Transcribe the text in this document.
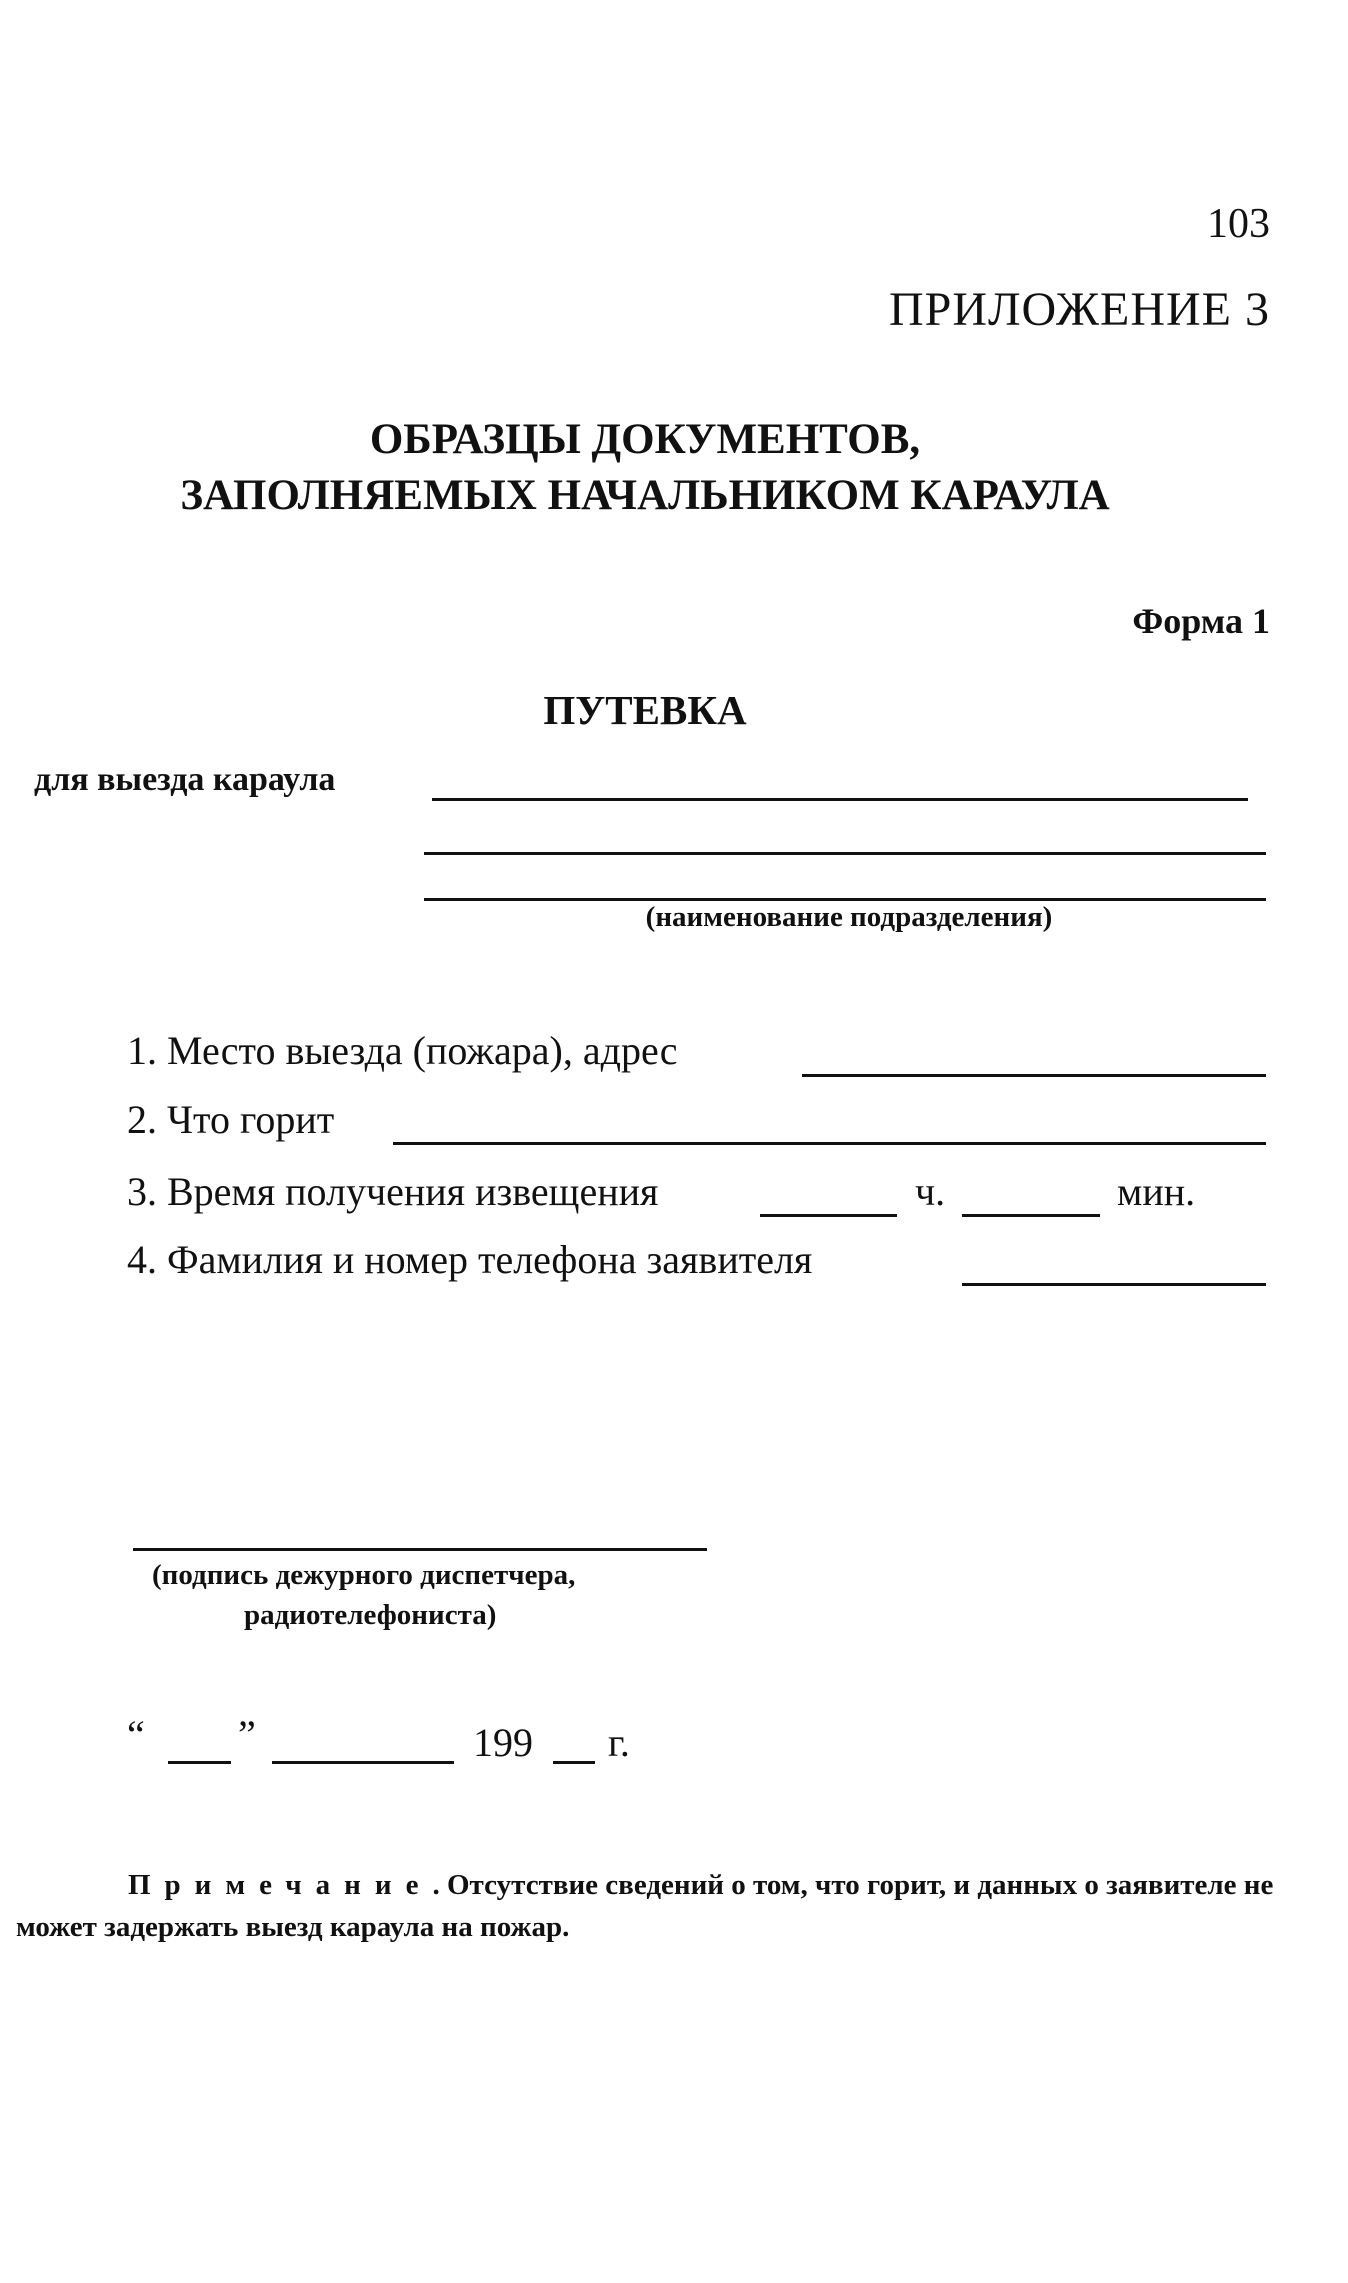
103
ПРИЛОЖЕНИЕ 3
ОБРАЗЦЫ ДОКУМЕНТОВ,
ЗАПОЛНЯЕМЫХ НАЧАЛЬНИКОМ КАРАУЛА
Форма 1
ПУТЕВКА
для выезда караула
(наименование подразделения)
1. Место выезда (пожара), адрес
2. Что горит
3. Время получения извещения	ч.	мин.
4. Фамилия и номер телефона заявителя
(подпись дежурного диспетчера,
радиотелефониста)
“ ”	199 г.
Примечание. Отсутствие сведений о том, что горит, и данных о заявителе не может задержать выезд караула на пожар.
